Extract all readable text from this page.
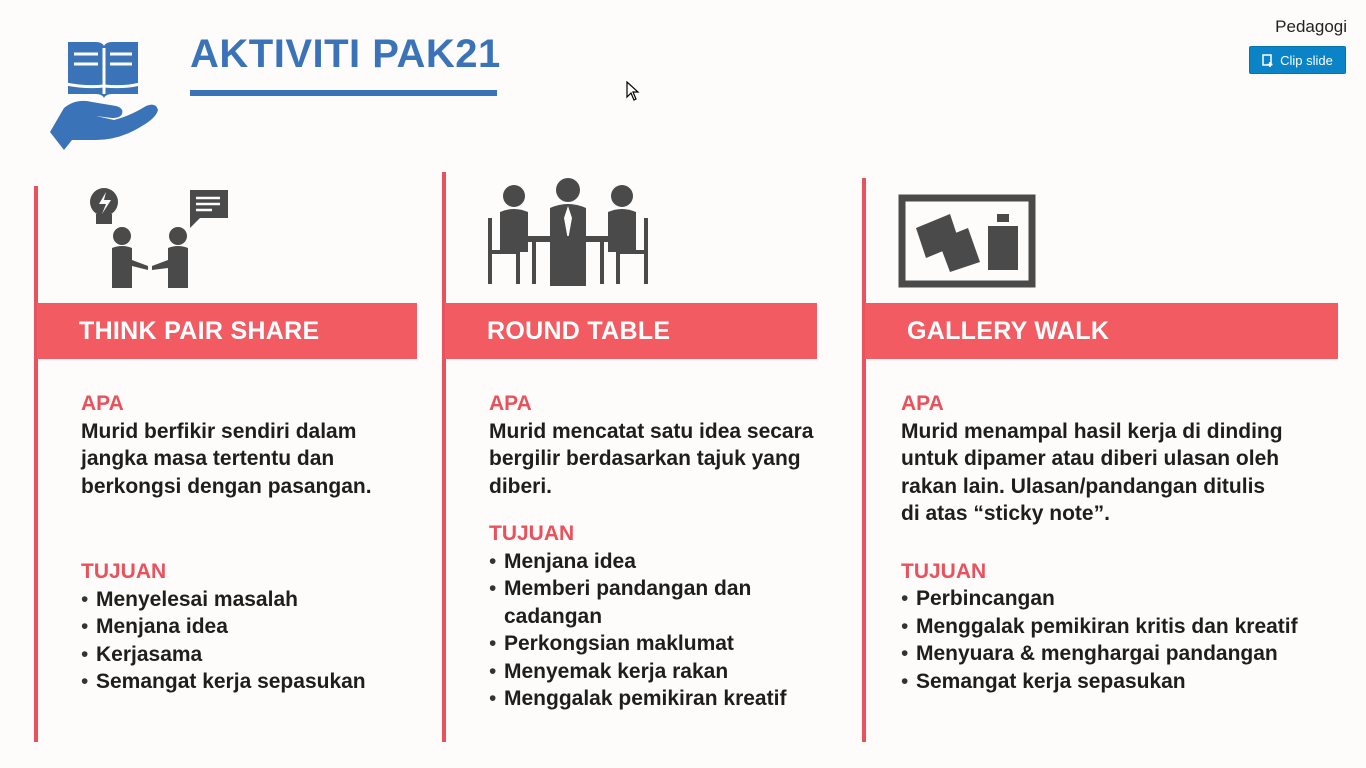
AKTIVITI PAK21
Pedagogi
Clip slide
THINK PAIR SHARE	ROUND TABLE	GALLERY WALK
APA
Murid berfikir sendiri dalam
jangka masa tertentu dan
berkongsi dengan pasangan.
TUJUAN
• Menyelesai masalah
• Menjana idea
• Kerjasama
• Semangat kerja sepasukan
APA
Murid mencatat satu idea secara
bergilir berdasarkan tajuk yang
diberi.
TUJUAN
• Menjana idea
• Memberi pandangan dan cadangan
• Perkongsian maklumat
• Menyemak kerja rakan
• Menggalak pemikiran kreatif
APA
Murid menampal hasil kerja di dinding
untuk dipamer atau diberi ulasan oleh
rakan lain. Ulasan/pandangan ditulis
di atas “sticky note”.
TUJUAN
• Perbincangan
• Menggalak pemikiran kritis dan kreatif
• Menyuara & menghargai pandangan
• Semangat kerja sepasukan
